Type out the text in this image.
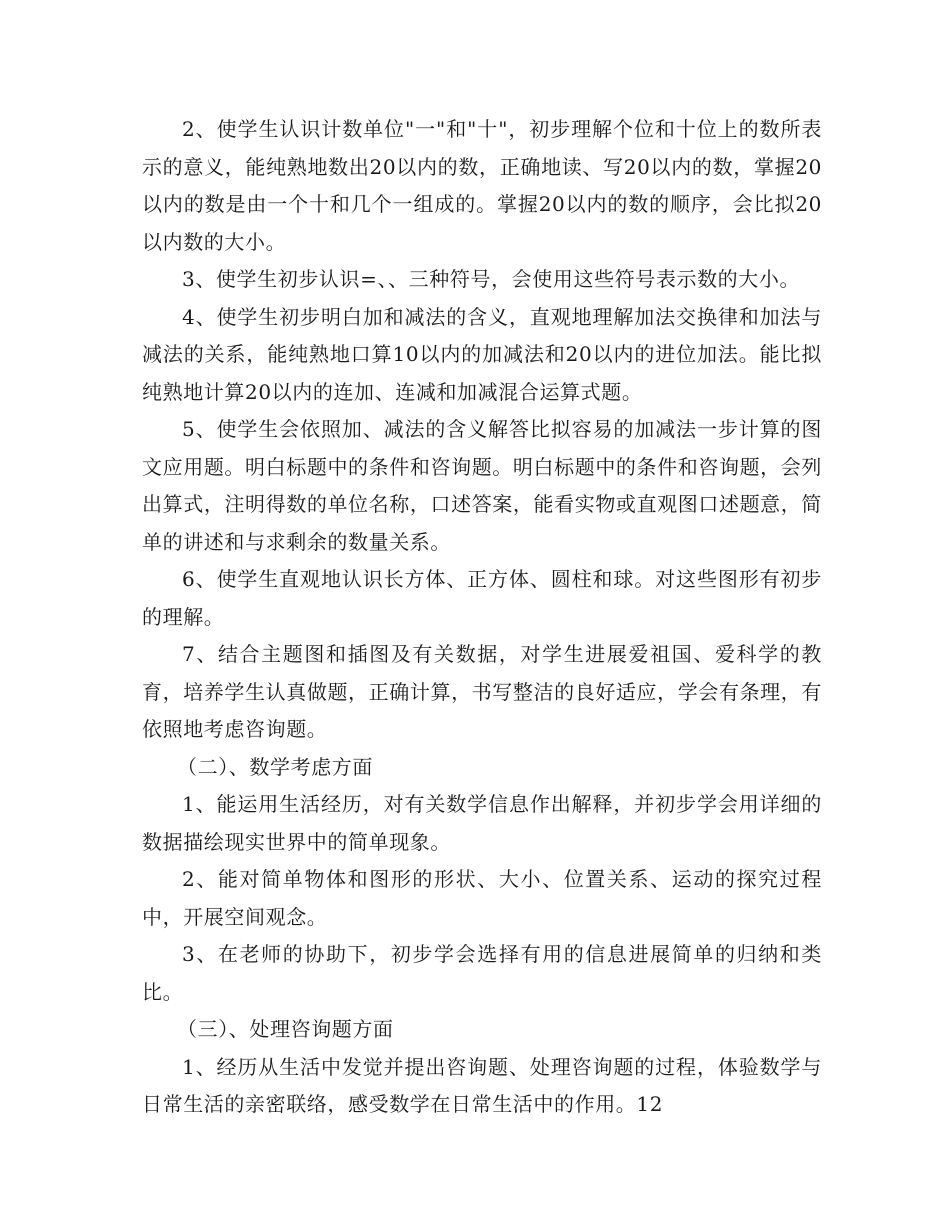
2、使学生认识计数单位"一"和"十"，初步理解个位和十位上的数所表示的意义，能纯熟地数出20以内的数，正确地读、写20以内的数，掌握20以内的数是由一个十和几个一组成的。掌握20以内的数的顺序，会比拟20以内数的大小。

3、使学生初步认识=、、三种符号，会使用这些符号表示数的大小。

4、使学生初步明白加和减法的含义，直观地理解加法交换律和加法与减法的关系，能纯熟地口算10以内的加减法和20以内的进位加法。能比拟纯熟地计算20以内的连加、连减和加减混合运算式题。

5、使学生会依照加、减法的含义解答比拟容易的加减法一步计算的图文应用题。明白标题中的条件和咨询题。明白标题中的条件和咨询题，会列出算式，注明得数的单位名称，口述答案，能看实物或直观图口述题意，简单的讲述和与求剩余的数量关系。

6、使学生直观地认识长方体、正方体、圆柱和球。对这些图形有初步的理解。

7、结合主题图和插图及有关数据，对学生进展爱祖国、爱科学的教育，培养学生认真做题，正确计算，书写整洁的良好适应，学会有条理，有依照地考虑咨询题。

（二）、数学考虑方面

1、能运用生活经历，对有关数学信息作出解释，并初步学会用详细的数据描绘现实世界中的简单现象。

2、能对简单物体和图形的形状、大小、位置关系、运动的探究过程中，开展空间观念。

3、在老师的协助下，初步学会选择有用的信息进展简单的归纳和类比。

（三）、处理咨询题方面

1、经历从生活中发觉并提出咨询题、处理咨询题的过程，体验数学与日常生活的亲密联络，感受数学在日常生活中的作用。12
